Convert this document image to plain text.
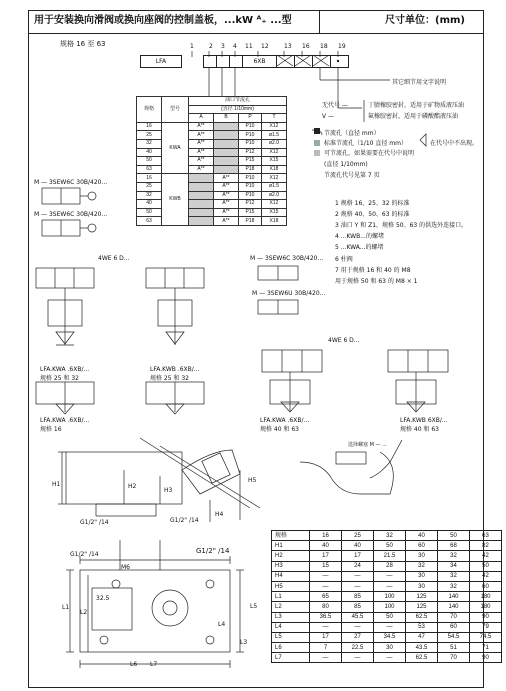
用于安装换向滑阀或换向座阀的控制盖板，...kW ᴬ₊ ...型	尺寸单位：(mm)
规格 16 至 63	1	2 3 4 11 12	13 16 18 19
LFA	6XB
其它细节用文字说明
无代号 —	丁腈橡胶密封，适用于矿物质液压油
V —	氟橡胶密封，适用于磷酸酯液压油
规格	型号	油口节流孔			
		(直径 1/10mm)			
		A	B	P	T
16	KWA	A**		P10	X12
25		A**		P10	ø1.5
32		A**		P10	ø2.0
40		A**		P12	X12
50		A**		P15	X15
63		A**		P18	X18
16	KWB		A**	P10	X12
25			A**	P10	ø1.5
32			A**	P10	ø2.0
40			A**	P12	X12
50			A**	P15	X15
63			A**	P18	X18
节流孔（直径 mm）
标准节流孔（1/10 直径 mm）	在代号中不出现。
可节流孔，如果需要在代号中说明
(直径 1/10mm)
节流孔代号见第 7 页
1 规格 16、25、32 的标准
2 规格 40、50、63 的标准
3 油口 Y 和 Z1，规格 50、63 的供选外连接口。
4 ...KWB...的螺堵
5 ...KWA...的螺堵
6 柱阀
7 用于规格 16 和 40 的 M8
用于规格 50 和 63 的 M8 × 1
M — 3SEW6C 30B/420...
M — 3SEW6C 30B/420...
M — 3SEW6C 30B/420...
M — 3SEW6U 30B/420...
4WE 6 D...
4WE 6 D...
LFA.KWA .6XB/...
规格 25 和 32
LFA.KWB .6XB/...
规格 25 和 32
LFA.KWA .6XB/...
规格 16
LFA.KWA .6XB/...
规格 40 和 63
LFA.KWB 6XB/...
规格 40 和 63
H1	H2
H3
H4
H5
G1/2" /14	G1/2" /14
G1/2" /14	G1/2" /14
M6
32.5
L1
L2
L3
L4
L5
L6 L7
选择螺塞 M — ...
规格	16	25	32	40	50	63
H1	40	40	50	60	68	82
H2	17	17	21.5	30	32	42
H3	15	24	28	32	34	50
H4	—	—	—	30	32	42
H5	—	—	—	30	32	60
L1	65	85	100	125	140	180
L2	80	85	100	125	140	180
L3	36.5	45.5	50	62.5	70	90
L4	—	—	—	53	60	79
L5	17	27	34.5	47	54.5	74.5
L6	7	22.5	30	43.5	51	71
L7	—	—	—	62.5	70	90
